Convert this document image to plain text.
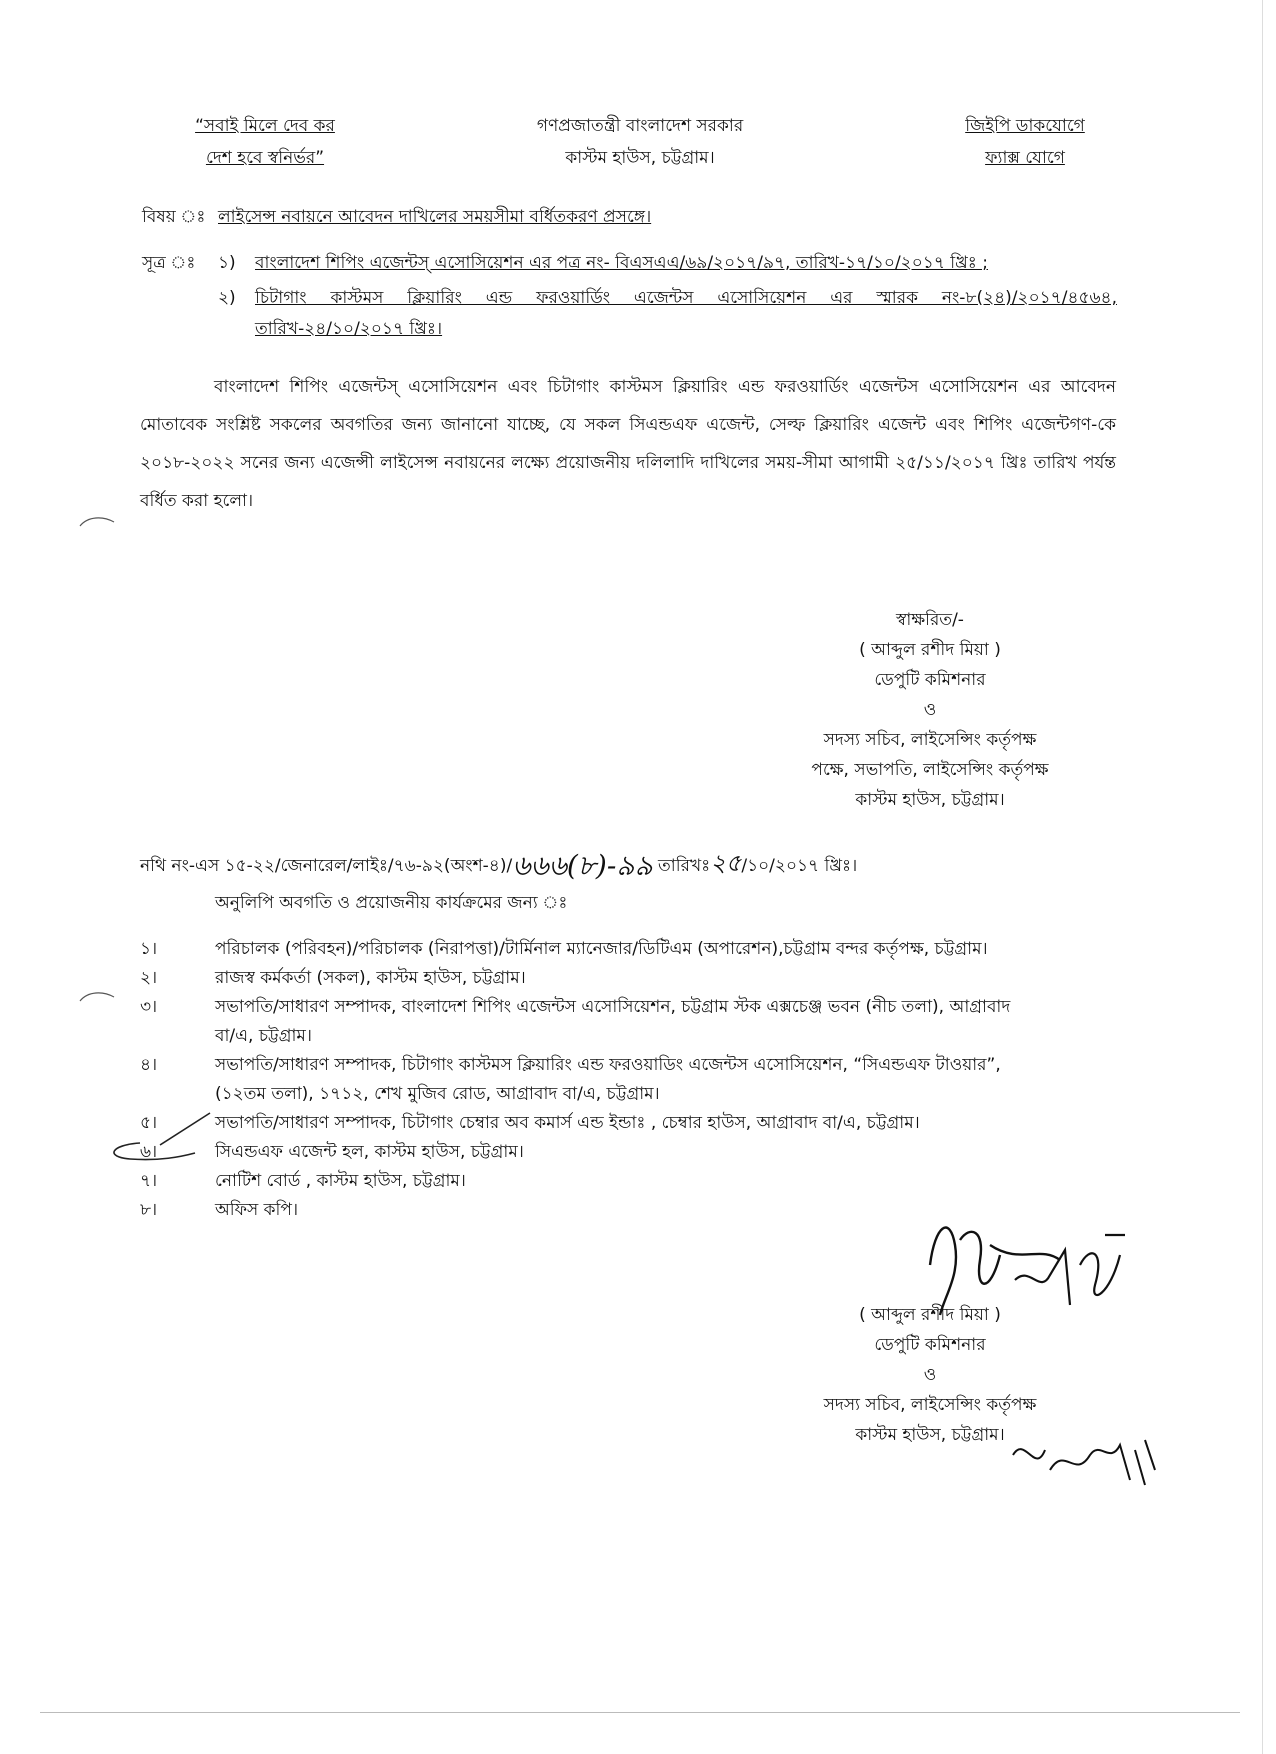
“সবাই মিলে দেব কর
দেশ হবে স্বনির্ভর”
গণপ্রজাতন্ত্রী বাংলাদেশ সরকার
কাস্টম হাউস, চট্টগ্রাম।
জিইপি ডাকযোগে
ফ্যাক্স যোগে
বিষয় ঃ লাইসেন্স নবায়নে আবেদন দাখিলের সময়সীমা বর্ধিতকরণ প্রসঙ্গে।
সূত্র ঃ ১) বাংলাদেশ শিপিং এজেন্টস্ এসোসিয়েশন এর পত্র নং- বিএসএএ/৬৯/২০১৭/৯৭, তারিখ-১৭/১০/২০১৭ খ্রিঃ ;
২) চিটাগাং কাস্টমস ক্লিয়ারিং এন্ড ফরওয়ার্ডিং এজেন্টস এসোসিয়েশন এর স্মারক নং-৮(২৪)/২০১৭/৪৫৬৪,
তারিখ-২৪/১০/২০১৭ খ্রিঃ।
বাংলাদেশ শিপিং এজেন্টস্ এসোসিয়েশন এবং চিটাগাং কাস্টমস ক্লিয়ারিং এন্ড ফরওয়ার্ডিং এজেন্টস এসোসিয়েশন এর আবেদন মোতাবেক সংশ্লিষ্ট সকলের অবগতির জন্য জানানো যাচ্ছে, যে সকল সিএন্ডএফ এজেন্ট, সেল্ফ ক্লিয়ারিং এজেন্ট এবং শিপিং এজেন্টগণ-কে ২০১৮-২০২২ সনের জন্য এজেন্সী লাইসেন্স নবায়নের লক্ষ্যে প্রয়োজনীয় দলিলাদি দাখিলের সময়-সীমা আগামী ২৫/১১/২০১৭ খ্রিঃ তারিখ পর্যন্ত বর্ধিত করা হলো।
স্বাক্ষরিত/-
( আব্দুল রশীদ মিয়া )
ডেপুটি কমিশনার
ও
সদস্য সচিব, লাইসেন্সিং কর্তৃপক্ষ
পক্ষে, সভাপতি, লাইসেন্সিং কর্তৃপক্ষ
কাস্টম হাউস, চট্টগ্রাম।
নথি নং-এস ১৫-২২/জেনারেল/লাইঃ/৭৬-৯২(অংশ-৪)/৬৬৬(৮)-৯৯ তারিখঃ২৫/১০/২০১৭ খ্রিঃ।
অনুলিপি অবগতি ও প্রয়োজনীয় কার্যক্রমের জন্য ঃ
১।	পরিচালক (পরিবহন)/পরিচালক (নিরাপত্তা)/টার্মিনাল ম্যানেজার/ডিটিএম (অপারেশন),চট্টগ্রাম বন্দর কর্তৃপক্ষ, চট্টগ্রাম।
২।	রাজস্ব কর্মকর্তা (সকল), কাস্টম হাউস, চট্টগ্রাম।
৩।	সভাপতি/সাধারণ সম্পাদক, বাংলাদেশ শিপিং এজেন্টস এসোসিয়েশন, চট্টগ্রাম স্টক এক্সচেঞ্জ ভবন (নীচ তলা), আগ্রাবাদ
বা/এ, চট্টগ্রাম।
৪।	সভাপতি/সাধারণ সম্পাদক, চিটাগাং কাস্টমস ক্লিয়ারিং এন্ড ফরওয়াডিং এজেন্টস এসোসিয়েশন, “সিএন্ডএফ টাওয়ার”,
(১২তম তলা), ১৭১২, শেখ মুজিব রোড, আগ্রাবাদ বা/এ, চট্টগ্রাম।
৫।	সভাপতি/সাধারণ সম্পাদক, চিটাগাং চেম্বার অব কমার্স এন্ড ইন্ডাঃ , চেম্বার হাউস, আগ্রাবাদ বা/এ, চট্টগ্রাম।
৬।	সিএন্ডএফ এজেন্ট হল, কাস্টম হাউস, চট্টগ্রাম।
৭।	নোটিশ বোর্ড , কাস্টম হাউস, চট্টগ্রাম।
৮।	অফিস কপি।
২৫/১০/১৭
( আব্দুল রশীদ মিয়া )
ডেপুটি কমিশনার
ও
সদস্য সচিব, লাইসেন্সিং কর্তৃপক্ষ
কাস্টম হাউস, চট্টগ্রাম।
